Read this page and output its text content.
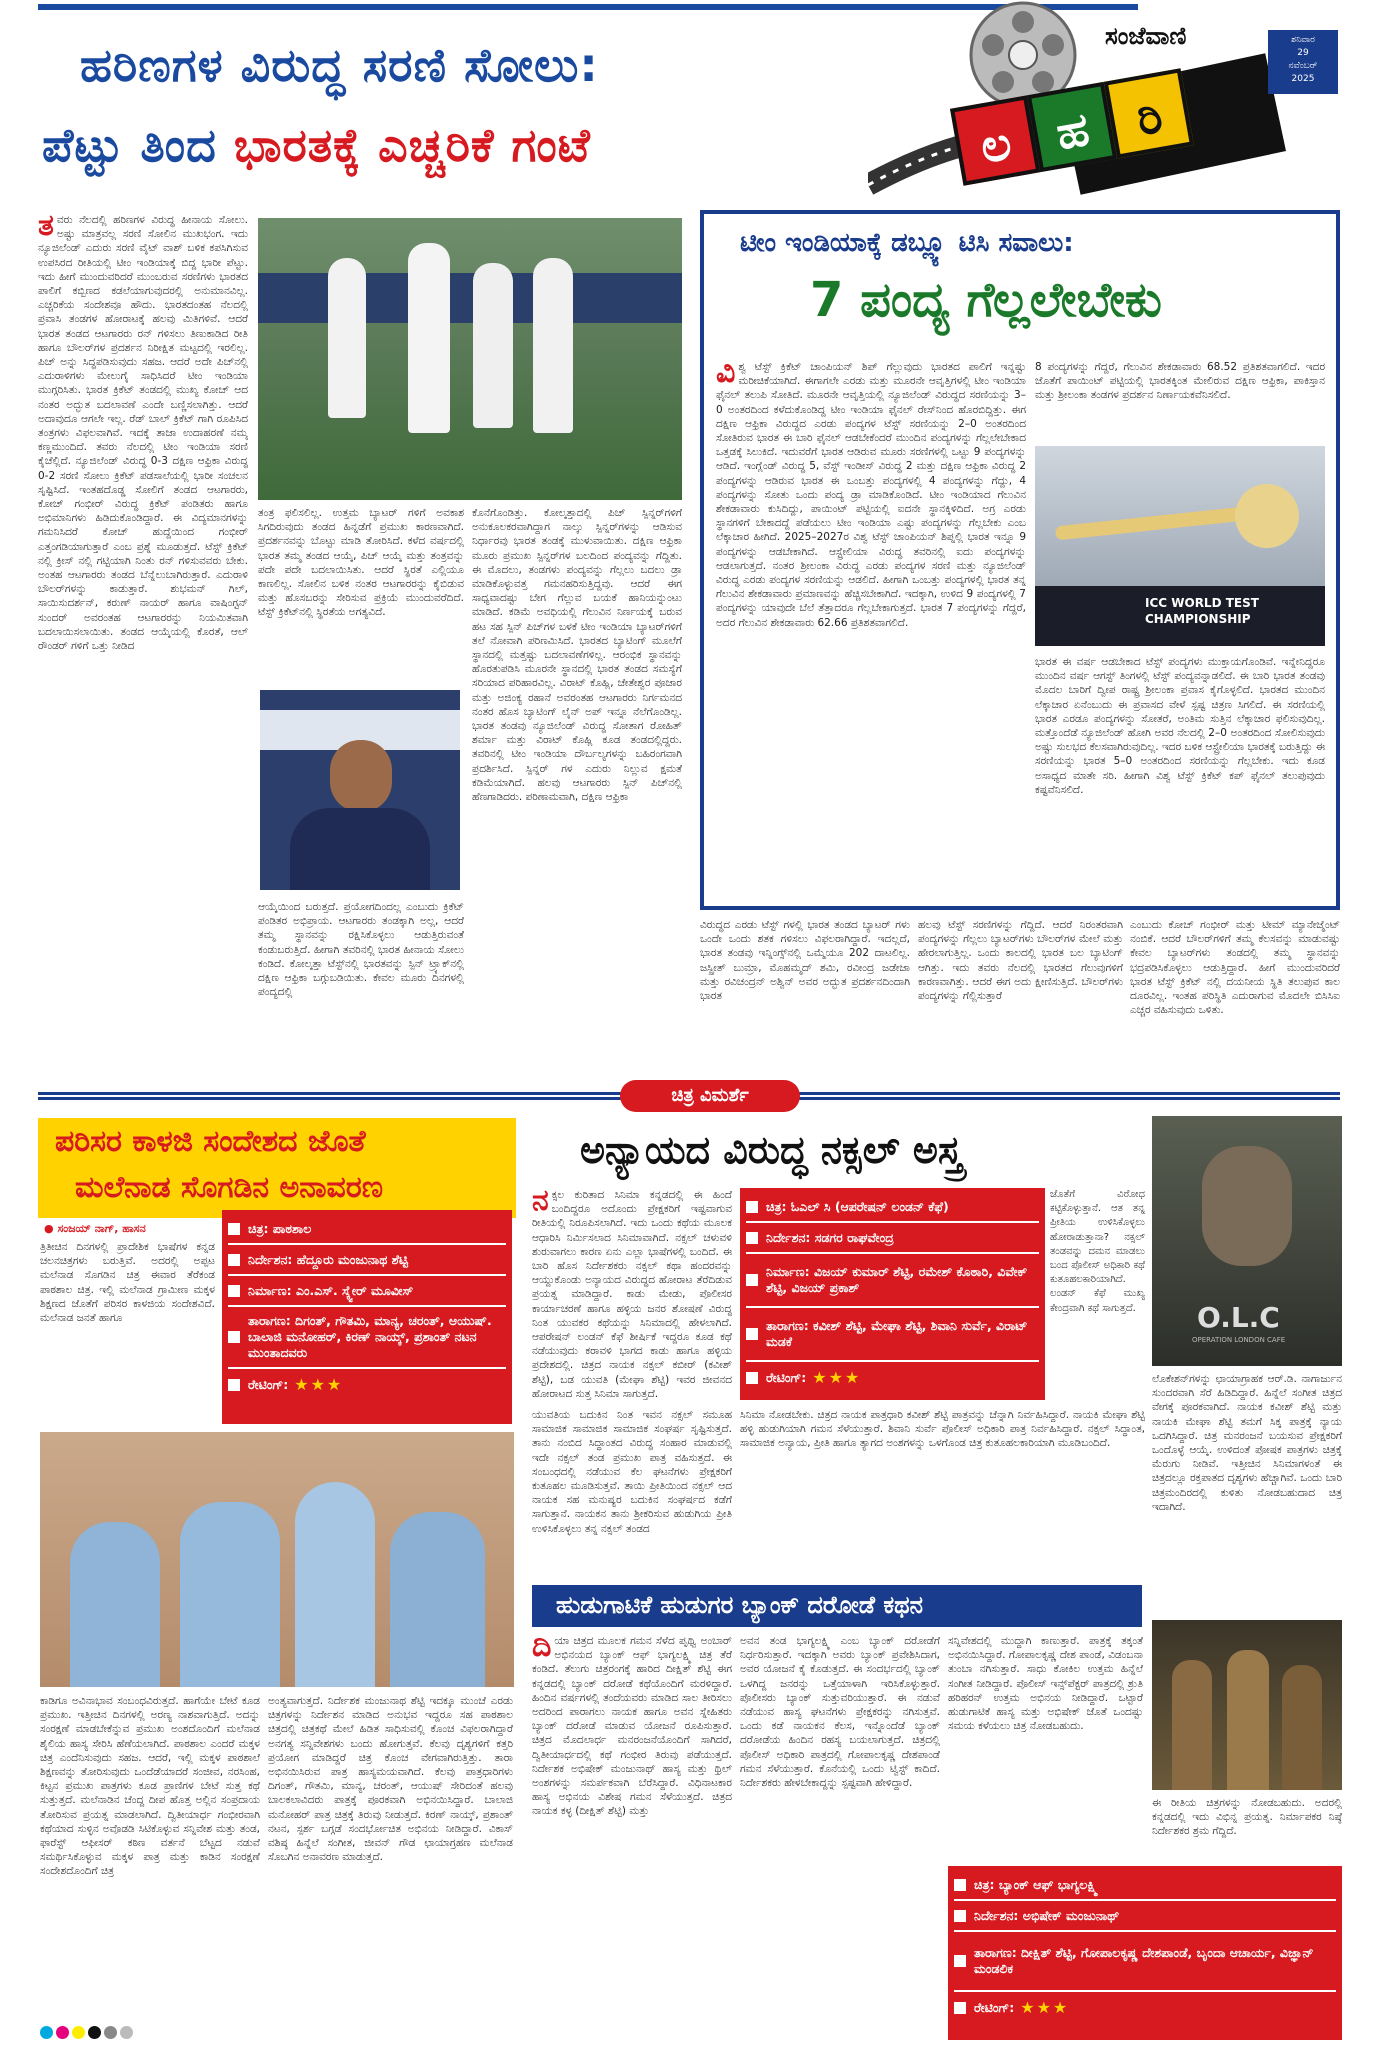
ಹರಿಣಗಳ ವಿರುದ್ಧ ಸರಣಿ ಸೋಲು:
ಪೆಟ್ಟು ತಿಂದ ಭಾರತಕ್ಕೆ ಎಚ್ಚರಿಕೆ ಗಂಟೆ
ಸಂಜೆವಾಣಿ	ಶನಿವಾರ
29
ನವೆಂಬರ್
2025
ಲ ಹ ರಿ
ತವರು ನೆಲದಲ್ಲಿ ಹರಿಣಗಳ ವಿರುದ್ಧ ಹೀನಾಯ ಸೋಲು. ಅಷ್ಟು ಮಾತ್ರವಲ್ಲ ಸರಣಿ ಸೋಲಿನ ಮುಖಭಂಗ. ಇದು ನ್ಯೂಜಿಲೆಂಡ್ ಎದುರು ಸರಣಿ ವೈಟ್ ವಾಶ್ ಬಳಿಕ ಕಪಸಿಗಿಸುವ ಉಪಸಿರದ ರೀತಿಯಲ್ಲಿ ಟೀಂ ಇಂಡಿಯಾಕ್ಕೆ ಬಿದ್ದ ಭಾರೀ ಪೆಟ್ಟು. ಇದು ಹೀಗೆ ಮುಂದುವರಿದರೆ ಮುಂಬರುವ ಸರಣಿಗಳು ಭಾರತದ ಪಾಲಿಗೆ ಕಬ್ಬಿಣದ ಕಡಲೆಯಾಗುವುದರಲ್ಲಿ ಅನುಮಾನವಿಲ್ಲ. ಎಚ್ಚರಿಕೆಯ ಸಂದೇಶವೂ ಹೌದು. ಭಾರತದಂತಹ ನೆಲದಲ್ಲಿ ಪ್ರವಾಸಿ ತಂಡಗಳ ಹೋರಾಟಕ್ಕೆ ಹಲವು ಮಿತಿಗಳಿವೆ. ಆದರೆ ಭಾರತ ತಂಡದ ಆಟಗಾರರು ರನ್ ಗಳಿಸಲು ತಿಣುಕಾಡಿದ ರೀತಿ ಹಾಗೂ ಬೌಲರ್‌ಗಳ ಪ್ರದರ್ಶನ ನಿರೀಕ್ಷಿತ ಮಟ್ಟದಲ್ಲಿ ಇರಲಿಲ್ಲ. ಪಿಚ್ ಅನ್ನು ಸಿದ್ಧಪಡಿಸುವುದು ಸಹಜ. ಆದರೆ ಅದೇ ಪಿಚ್‌ನಲ್ಲಿ ಎದುರಾಳಿಗಳು ಮೇಲುಗೈ ಸಾಧಿಸಿದರೆ ಟೀಂ ಇಂಡಿಯಾ ಮುಗ್ಗರಿಸಿತು. ಭಾರತ ಕ್ರಿಕೆಟ್ ತಂಡದಲ್ಲಿ ಮುಖ್ಯ ಕೋಚ್ ಆದ ನಂತರ ಅದ್ಭುತ ಬದಲಾವಣೆ ಎಂದೇ ಬಣ್ಣಿಸಲಾಗಿತ್ತು. ಆದರೆ ಅದಾವುದೂ ಆಗಲೇ ಇಲ್ಲ. ರೆಡ್ ಬಾಲ್ ಕ್ರಿಕೆಟ್ ಗಾಗಿ ರೂಪಿಸಿದ ತಂತ್ರಗಳು ವಿಫಲವಾಗಿವೆ. ಇದಕ್ಕೆ ತಾಜಾ ಉದಾಹರಣೆ ನಮ್ಮ ಕಣ್ಣಮುಂದಿದೆ. ತವರು ನೆಲದಲ್ಲಿ ಟೀಂ ಇಂಡಿಯಾ ಸರಣಿ ಕೈಚೆಲ್ಲಿದೆ. ನ್ಯೂಜಿಲೆಂಡ್ ವಿರುದ್ಧ 0-3 ದಕ್ಷಿಣ ಆಫ್ರಿಕಾ ವಿರುದ್ಧ 0-2 ಸರಣಿ ಸೋಲು ಕ್ರಿಕೆಟ್ ಪಡಸಾಲೆಯಲ್ಲಿ ಭಾರೀ ಸಂಚಲನ ಸೃಷ್ಟಿಸಿದೆ. ಇಂತಹದೊಡ್ಡ ಸೋಲಿಗೆ ತಂಡದ ಆಟಗಾರರು, ಕೋಚ್ ಗಂಭೀರ್ ವಿರುದ್ಧ ಕ್ರಿಕೆಟ್ ಪಂಡಿತರು ಹಾಗೂ ಅಭಿಮಾನಿಗಳು ಹಿಡಿದುಕೊಂಡಿದ್ದಾರೆ. ಈ ವಿದ್ಯಮಾನಗಳನ್ನು ಗಮನಿಸಿದರೆ ಕೋಚ್ ಹುದ್ದೆಯಿಂದ ಗಂಭೀರ್ ಎತ್ತಂಗಡಿಯಾಗುತ್ತಾರೆ ಎಂಬ ಪ್ರಶ್ನೆ ಮೂಡುತ್ತದೆ. ಟೆಸ್ಟ್ ಕ್ರಿಕೆಟ್ ನಲ್ಲಿ ಕ್ರೀಸ್ ನಲ್ಲಿ ಗಟ್ಟಿಯಾಗಿ ನಿಂತು ರನ್ ಗಳಿಸುವವರು ಬೇಕು. ಅಂತಹ ಆಟಗಾರರು ತಂಡದ ಬೆನ್ನೆಲುಬಾಗಿರುತ್ತಾರೆ. ಎದುರಾಳಿ ಬೌಲರ್‌ಗಳನ್ನು ಕಾಡುತ್ತಾರೆ. ಶುಭಮನ್ ಗಿಲ್, ಸಾಯಿಸುದರ್ಶನ್, ಕರುಣ್ ನಾಯರ್ ಹಾಗೂ ವಾಷಿಂಗ್ಟನ್ ಸುಂದರ್ ಅವರಂತಹ ಆಟಗಾರರನ್ನು ನಿಯಮಿತವಾಗಿ ಬದಲಾಯಿಸಲಾಯಿತು. ತಂಡದ ಆಯ್ಕೆಯಲ್ಲಿ ಕೊರತೆ, ಆಲ್ ರೌಂಡರ್ ಗಳಿಗೆ ಒತ್ತು ನೀಡಿದ
ತಂತ್ರ ಫಲಿಸಲಿಲ್ಲ. ಉತ್ತಮ ಬ್ಯಾಟರ್ ಗಳಿಗೆ ಅವಕಾಶ ಸಿಗದಿರುವುದು ತಂಡದ ಹಿನ್ನಡೆಗೆ ಪ್ರಮುಖ ಕಾರಣವಾಗಿದೆ. ಪ್ರದರ್ಶನವನ್ನು ಬೊಟ್ಟು ಮಾಡಿ ತೋರಿಸಿದೆ. ಕಳೆದ ವರ್ಷದಲ್ಲಿ ಭಾರತ ತಮ್ಮ ತಂಡದ ಆಯ್ಕೆ, ಪಿಚ್ ಆಯ್ಕೆ ಮತ್ತು ತಂತ್ರವನ್ನು ಪದೇ ಪದೇ ಬದಲಾಯಿಸಿತು. ಆದರೆ ಸ್ಥಿರತೆ ಎಲ್ಲಿಯೂ ಕಾಣಲಿಲ್ಲ. ಸೋಲಿನ ಬಳಿಕ ನಂತರ ಆಟಗಾರರನ್ನು ಕೈಬಿಡುವ ಮತ್ತು ಹೊಸಬರನ್ನು ಸೇರಿಸುವ ಪ್ರಕ್ರಿಯೆ ಮುಂದುವರೆದಿದೆ. ಟೆಸ್ಟ್ ಕ್ರಿಕೆಟ್‌ನಲ್ಲಿ ಸ್ಥಿರತೆಯ ಅಗತ್ಯವಿದೆ.
ಆಯ್ಕೆಯಿಂದ ಬರುತ್ತದೆ. ಪ್ರಯೋಗದಿಂದಲ್ಲ ಎಂಬುದು ಕ್ರಿಕೆಟ್ ಪಂಡಿತರ ಅಭಿಪ್ರಾಯ. ಆಟಗಾರರು ತಂಡಕ್ಕಾಗಿ ಅಲ್ಲ, ಆದರೆ ತಮ್ಮ ಸ್ಥಾನವನ್ನು ರಕ್ಷಿಸಿಕೊಳ್ಳಲು ಆಡುತ್ತಿರುವಂತೆ ಕಂಡುಬರುತ್ತಿದೆ. ಹೀಗಾಗಿ ತವರಿನಲ್ಲಿ ಭಾರತ ಹೀನಾಯ ಸೋಲು ಕಂಡಿದೆ. ಕೋಲ್ಕತ್ತಾ ಟೆಸ್ಟ್‌ನಲ್ಲಿ ಭಾರತವನ್ನು ಸ್ಪಿನ್ ಟ್ರ್ಯಾಕ್‌ನಲ್ಲಿ ದಕ್ಷಿಣ ಆಫ್ರಿಕಾ ಬಗ್ಗುಬಡಿಯಿತು. ಕೇವಲ ಮೂರು ದಿನಗಳಲ್ಲಿ ಪಂದ್ಯದಲ್ಲಿ
ಕೊನೆಗೊಂಡಿತ್ತು. ಕೋಲ್ಕತ್ತಾದಲ್ಲಿ ಪಿಚ್ ಸ್ಪಿನ್ನರ್‌ಗಳಿಗೆ ಅನುಕೂಲಕರವಾಗಿದ್ದಾಗ ನಾಲ್ಕು ಸ್ಪಿನ್ನರ್‌ಗಳನ್ನು ಆಡಿಸುವ ನಿರ್ಧಾರವು ಭಾರತ ತಂಡಕ್ಕೆ ಮುಳುವಾಯಿತು. ದಕ್ಷಿಣ ಆಫ್ರಿಕಾ ಮೂರು ಪ್ರಮುಖ ಸ್ಪಿನ್ನರ್‌ಗಳ ಬಲದಿಂದ ಪಂದ್ಯವನ್ನು ಗೆದ್ದಿತು. ಈ ಮೊದಲು, ತಂಡಗಳು ಪಂದ್ಯವನ್ನು ಗೆಲ್ಲಲು ಬದಲು ಡ್ರಾ ಮಾಡಿಕೊಳ್ಳುವತ್ತ ಗಮನಹರಿಸುತ್ತಿದ್ದವು. ಆದರೆ ಈಗ ಸಾಧ್ಯವಾದಷ್ಟು ಬೇಗ ಗೆಲ್ಲುವ ಬಯಕೆ ಹಾನಿಯನ್ನುಂಟು ಮಾಡಿದೆ. ಕಡಿಮೆ ಅವಧಿಯಲ್ಲಿ ಗೆಲುವಿನ ನಿರ್ಣಯಕ್ಕೆ ಬರುವ ಹಟ ಸಹ ಸ್ಪಿನ್ ಪಿಚ್‌ಗಳ ಬಳಕೆ ಟೀಂ ಇಂಡಿಯಾ ಬ್ಯಾಟರ್‌ಗಳಿಗೆ ತಲೆ ನೋವಾಗಿ ಪರಿಣಮಿಸಿದೆ. ಭಾರತದ ಬ್ಯಾಟಿಂಗ್ ಮೂಲೆಗೆ ಸ್ಥಾನದಲ್ಲಿ ಮತ್ತಷ್ಟು ಬದಲಾವಣೆಗಳಿಲ್ಲ. ಆರಂಭಿಕ ಸ್ಥಾನವನ್ನು ಹೊರತುಪಡಿಸಿ ಮೂರನೇ ಸ್ಥಾನದಲ್ಲಿ ಭಾರತ ತಂಡದ ಸಮಸ್ಯೆಗೆ ಸರಿಯಾದ ಪರಿಹಾರವಿಲ್ಲ. ವಿರಾಟ್ ಕೊಹ್ಲಿ, ಚೇತೇಶ್ವರ ಪೂಜಾರ ಮತ್ತು ಅಜಿಂಕ್ಯ ರಹಾನೆ ಅವರಂತಹ ಆಟಗಾರರು ನಿರ್ಗಮನದ ನಂತರ ಹೊಸ ಬ್ಯಾಟಿಂಗ್ ಲೈನ್ ಅಪ್ ಇನ್ನೂ ನೆಲೆಗೊಂಡಿಲ್ಲ. ಭಾರತ ತಂಡವು ನ್ಯೂಜಿಲೆಂಡ್ ವಿರುದ್ಧ ಸೋತಾಗ ರೋಹಿತ್ ಶರ್ಮಾ ಮತ್ತು ವಿರಾಟ್ ಕೊಹ್ಲಿ ಕೂಡ ತಂಡದಲ್ಲಿದ್ದರು. ತವರಿನಲ್ಲಿ ಟೀಂ ಇಂಡಿಯಾ ದೌರ್ಬಲ್ಯಗಳನ್ನು ಬಹಿರಂಗವಾಗಿ ಪ್ರದರ್ಶಿಸಿದೆ. ಸ್ಪಿನ್ನರ್ ಗಳ ಎದುರು ನಿಲ್ಲುವ ಕ್ಷಮತೆ ಕಡಿಮೆಯಾಗಿದೆ. ಹಲವು ಆಟಗಾರರು ಸ್ಪಿನ್ ಪಿಚ್‌ನಲ್ಲಿ ಹೆಣಗಾಡಿದರು. ಪರಿಣಾಮವಾಗಿ, ದಕ್ಷಿಣ ಆಫ್ರಿಕಾ
ಟೀಂ ಇಂಡಿಯಾಕ್ಕೆ ಡಬ್ಲ್ಯೂ ಟಿಸಿ ಸವಾಲು:
7 ಪಂದ್ಯ ಗೆಲ್ಲಲೇಬೇಕು
ವಿಶ್ವ ಟೆಸ್ಟ್ ಕ್ರಿಕೆಟ್ ಚಾಂಪಿಯನ್ ಶಿಪ್ ಗೆಲ್ಲುವುದು ಭಾರತದ ಪಾಲಿಗೆ ಇನ್ನಷ್ಟು ಮರೀಚಿಕೆಯಾಗಿದೆ. ಈಗಾಗಲೇ ಎರಡು ಮತ್ತು ಮೂರನೇ ಆವೃತ್ತಿಗಳಲ್ಲಿ ಟೀಂ ಇಂಡಿಯಾ ಫೈನಲ್ ತಲುಪಿ ಸೋತಿದೆ. ಮೂರನೇ ಆವೃತ್ತಿಯಲ್ಲಿ ನ್ಯೂಜಿಲೆಂಡ್ ವಿರುದ್ಧದ ಸರಣಿಯನ್ನು 3–0 ಅಂತರದಿಂದ ಕಳೆದುಕೊಂಡಿದ್ದ ಟೀಂ ಇಂಡಿಯಾ ಫೈನಲ್ ರೇಸ್‌ನಿಂದ ಹೊರಬಿದ್ದಿತ್ತು. ಈಗ ದಕ್ಷಿಣ ಆಫ್ರಿಕಾ ವಿರುದ್ಧದ ಎರಡು ಪಂದ್ಯಗಳ ಟೆಸ್ಟ್ ಸರಣಿಯನ್ನು 2–0 ಅಂತರದಿಂದ ಸೋತಿರುವ ಭಾರತ ಈ ಬಾರಿ ಫೈನಲ್ ಆಡಬೇಕೆಂದರೆ ಮುಂದಿನ ಪಂದ್ಯಗಳನ್ನು ಗೆಲ್ಲಲೇಬೇಕಾದ ಒತ್ತಡಕ್ಕೆ ಸಿಲುಕಿದೆ. ಇದುವರೆಗೆ ಭಾರತ ಆಡಿರುವ ಮೂರು ಸರಣಿಗಳಲ್ಲಿ ಒಟ್ಟು 9 ಪಂದ್ಯಗಳನ್ನು ಆಡಿದೆ. ಇಂಗ್ಲೆಂಡ್ ವಿರುದ್ಧ 5, ವೆಸ್ಟ್ ಇಂಡೀಸ್ ವಿರುದ್ಧ 2 ಮತ್ತು ದಕ್ಷಿಣ ಆಫ್ರಿಕಾ ವಿರುದ್ಧ 2 ಪಂದ್ಯಗಳನ್ನು ಆಡಿರುವ ಭಾರತ ಈ ಒಂಬತ್ತು ಪಂದ್ಯಗಳಲ್ಲಿ 4 ಪಂದ್ಯಗಳನ್ನು ಗೆದ್ದು, 4 ಪಂದ್ಯಗಳನ್ನು ಸೋತು ಒಂದು ಪಂದ್ಯ ಡ್ರಾ ಮಾಡಿಕೊಂಡಿದೆ. ಟೀಂ ಇಂಡಿಯಾದ ಗೆಲುವಿನ ಶೇಕಡಾವಾರು ಕುಸಿದಿದ್ದು, ಪಾಯಿಂಟ್ ಪಟ್ಟಿಯಲ್ಲಿ ಐದನೇ ಸ್ಥಾನಕ್ಕಿಳಿದಿದೆ. ಅಗ್ರ ಎರಡು ಸ್ಥಾನಗಳಿಗೆ ಬೇಕಾದದ್ದೆ ಪಡೆಯಲು ಟೀಂ ಇಂಡಿಯಾ ಎಷ್ಟು ಪಂದ್ಯಗಳನ್ನು ಗೆಲ್ಲಬೇಕು ಎಂಬ ಲೆಕ್ಕಾಚಾರ ಹೀಗಿದೆ. 2025–2027ರ ವಿಶ್ವ ಟೆಸ್ಟ್ ಚಾಂಪಿಯನ್ ಶಿಪ್ನಲ್ಲಿ ಭಾರತ ಇನ್ನೂ 9 ಪಂದ್ಯಗಳನ್ನು ಆಡಬೇಕಾಗಿದೆ. ಆಸ್ಟ್ರೇಲಿಯಾ ವಿರುದ್ಧ ತವರಿನಲ್ಲಿ ಐದು ಪಂದ್ಯಗಳನ್ನು ಆಡಲಾಗುತ್ತದೆ. ನಂತರ ಶ್ರೀಲಂಕಾ ವಿರುದ್ಧ ಎರಡು ಪಂದ್ಯಗಳ ಸರಣಿ ಮತ್ತು ನ್ಯೂಜಿಲೆಂಡ್ ವಿರುದ್ಧ ಎರಡು ಪಂದ್ಯಗಳ ಸರಣಿಯನ್ನು ಆಡಲಿದೆ. ಹೀಗಾಗಿ ಒಂಬತ್ತು ಪಂದ್ಯಗಳಲ್ಲಿ ಭಾರತ ತನ್ನ ಗೆಲುವಿನ ಶೇಕಡಾವಾರು ಪ್ರಮಾಣವನ್ನು ಹೆಚ್ಚಿಸಬೇಕಾಗಿದೆ. ಇದಕ್ಕಾಗಿ, ಉಳಿದ 9 ಪಂದ್ಯಗಳಲ್ಲಿ 7 ಪಂದ್ಯಗಳನ್ನು ಯಾವುದೇ ಬೆಲೆ ತೆತ್ತಾದರೂ ಗೆಲ್ಲಬೇಕಾಗುತ್ತದೆ. ಭಾರತ 7 ಪಂದ್ಯಗಳನ್ನು ಗೆದ್ದರೆ, ಅದರ ಗೆಲುವಿನ ಶೇಕಡಾವಾರು 62.66 ಪ್ರತಿಶತವಾಗಲಿದೆ.
8 ಪಂದ್ಯಗಳನ್ನು ಗೆದ್ದರೆ, ಗೆಲುವಿನ ಶೇಕಡಾವಾರು 68.52 ಪ್ರತಿಶತವಾಗಲಿದೆ. ಇದರ ಜೊತೆಗೆ ಪಾಯಿಂಟ್ ಪಟ್ಟಿಯಲ್ಲಿ ಭಾರತಕ್ಕಿಂತ ಮೇಲಿರುವ ದಕ್ಷಿಣ ಆಫ್ರಿಕಾ, ಪಾಕಿಸ್ತಾನ ಮತ್ತು ಶ್ರೀಲಂಕಾ ತಂಡಗಳ ಪ್ರದರ್ಶನ ನಿರ್ಣಾಯಕವೆನಿಸಲಿದೆ.
ICC WORLD TEST
CHAMPIONSHIP
ಭಾರತ ಈ ವರ್ಷ ಆಡಬೇಕಾದ ಟೆಸ್ಟ್ ಪಂದ್ಯಗಳು ಮುಕ್ತಾಯಗೊಂಡಿವೆ. ಇನ್ನೇನಿದ್ದರೂ ಮುಂದಿನ ವರ್ಷ ಆಗಸ್ಟ್ ತಿಂಗಳಲ್ಲಿ ಟೆಸ್ಟ್ ಪಂದ್ಯವನ್ನಾಡಲಿದೆ. ಈ ಬಾರಿ ಭಾರತ ತಂಡವು ಮೊದಲ ಬಾರಿಗೆ ದ್ವೀಪ ರಾಷ್ಟ್ರ ಶ್ರೀಲಂಕಾ ಪ್ರವಾಸ ಕೈಗೊಳ್ಳಲಿದೆ. ಭಾರತದ ಮುಂದಿನ ಲೆಕ್ಕಾಚಾರ ಏನೆಂಬುದು ಈ ಪ್ರವಾಸದ ವೇಳೆ ಸ್ಪಷ್ಟ ಚಿತ್ರಣ ಸಿಗಲಿದೆ. ಈ ಸರಣಿಯಲ್ಲಿ ಭಾರತ ಎರಡೂ ಪಂದ್ಯಗಳನ್ನು ಸೋತರೆ, ಅಂತಿಮ ಸುತ್ತಿನ ಲೆಕ್ಕಾಚಾರ ಫಲಿಸುವುದಿಲ್ಲ. ಮತ್ತೊಂದೆಡೆ ನ್ಯೂಜಿಲೆಂಡ್ ಹೋಗಿ ಅವರ ನೆಲದಲ್ಲಿ 2–0 ಅಂತರದಿಂದ ಸೋಲಿಸುವುದು ಅಷ್ಟು ಸುಲಭದ ಕೆಲಸವಾಗಿರುವುದಿಲ್ಲ. ಇದರ ಬಳಿಕ ಆಸ್ಟ್ರೇಲಿಯಾ ಭಾರತಕ್ಕೆ ಬರುತ್ತಿದ್ದು ಈ ಸರಣಿಯನ್ನು ಭಾರತ 5–0 ಅಂತರದಿಂದ ಸರಣಿಯನ್ನು ಗೆಲ್ಲಬೇಕು. ಇದು ಕೂಡ ಅಸಾಧ್ಯದ ಮಾತೇ ಸರಿ. ಹೀಗಾಗಿ ವಿಶ್ವ ಟೆಸ್ಟ್ ಕ್ರಿಕೆಟ್ ಕಪ್ ಫೈನಲ್ ತಲುಪುವುದು ಕಷ್ಟವೆನಿಸಲಿದೆ.
ವಿರುದ್ಧದ ಎರಡು ಟೆಸ್ಟ್ ಗಳಲ್ಲಿ ಭಾರತ ತಂಡದ ಬ್ಯಾಟರ್ ಗಳು ಒಂದೇ ಒಂದು ಶತಕ ಗಳಿಸಲು ವಿಫಲರಾಗಿದ್ದಾರೆ. ಇದಲ್ಲದೆ, ಭಾರತ ತಂಡವು ಇನ್ನಿಂಗ್ಸ್‌ನಲ್ಲಿ ಒಮ್ಮೆಯೂ 202 ದಾಟಲಿಲ್ಲ. ಜಸ್ಪ್ರೀತ್ ಬುಮ್ರಾ, ಮೊಹಮ್ಮದ್ ಶಮಿ, ರವೀಂದ್ರ ಜಡೇಜಾ ಮತ್ತು ರವಿಚಂದ್ರನ್ ಅಶ್ವಿನ್ ಅವರ ಅದ್ಭುತ ಪ್ರದರ್ಶನದಿಂದಾಗಿ ಭಾರತ
ಹಲವು ಟೆಸ್ಟ್ ಸರಣಿಗಳನ್ನು ಗೆದ್ದಿದೆ. ಆದರೆ ನಿರಂತರವಾಗಿ ಪಂದ್ಯಗಳನ್ನು ಗೆಲ್ಲಲು ಬ್ಯಾಟರ್‌ಗಳು ಬೌಲರ್‌ಗಳ ಮೇಲೆ ಮತ್ತು ಹೇರಲಾಗುತ್ತಿಲ್ಲ. ಒಂದು ಕಾಲದಲ್ಲಿ ಭಾರತ ಬಲ ಬ್ಯಾಟಿಂಗ್ ಆಗಿತ್ತು. ಇದು ತವರು ನೆಲದಲ್ಲಿ ಭಾರತದ ಗೆಲುವುಗಳಿಗೆ ಕಾರಣವಾಗಿತ್ತು. ಆದರೆ ಈಗ ಅದು ಕ್ಷೀಣಿಸುತ್ತಿದೆ. ಬೌಲರ್‌ಗಳು ಪಂದ್ಯಗಳನ್ನು ಗೆಲ್ಲಿಸುತ್ತಾರೆ
ಎಂಬುದು ಕೋಚ್ ಗಂಭೀರ್ ಮತ್ತು ಟೀಮ್ ಮ್ಯಾನೇಜ್ಮೆಂಟ್ ನಂಬಿಕೆ. ಆದರೆ ಬೌಲರ್‌ಗಳಿಗೆ ತಮ್ಮ ಕೆಲಸವನ್ನು ಮಾಡುವಷ್ಟು ಕೇವಲ ಬ್ಯಾಟರ್‌ಗಳು ತಂಡದಲ್ಲಿ ತಮ್ಮ ಸ್ಥಾನವನ್ನು ಭದ್ರಪಡಿಸಿಕೊಳ್ಳಲು ಆಡುತ್ತಿದ್ದಾರೆ. ಹೀಗೆ ಮುಂದುವರಿದರೆ ಭಾರತ ಟೆಸ್ಟ್ ಕ್ರಿಕೆಟ್ ನಲ್ಲಿ ದಯನೀಯ ಸ್ಥಿತಿ ತಲುಪುವ ಕಾಲ ದೂರವಿಲ್ಲ. ಇಂತಹ ಪರಿಸ್ಥಿತಿ ಎದುರಾಗುವ ಮೊದಲೇ ಬಿಸಿಸಿಐ ಎಚ್ಚರ ವಹಿಸುವುದು ಒಳಿತು.
ಚಿತ್ರ ವಿಮರ್ಶೆ
ಪರಿಸರ ಕಾಳಜಿ ಸಂದೇಶದ ಜೊತೆ
ಮಲೆನಾಡ ಸೊಗಡಿನ ಅನಾವರಣ
● ಸಂಜಯ್ ನಾಗ್, ಹಾಸನ
ತ್ರಿತೀಚಿನ ದಿನಗಳಲ್ಲಿ ಪ್ರಾದೇಶಿಕ ಭಾಷೆಗಳ ಕನ್ನಡ ಚಲನಚಿತ್ರಗಳು ಬರುತ್ತಿವೆ. ಅದರಲ್ಲಿ ಅಪ್ಪಟ ಮಲೆನಾಡ ಸೊಗಡಿನ ಚಿತ್ರ ಈವಾರ ತೆರೆಕಂಡ ಪಾಠಶಾಲ ಚಿತ್ರ. ಇಲ್ಲಿ ಮಲೆನಾಡ ಗ್ರಾಮೀಣ ಮಕ್ಕಳ ಶಿಕ್ಷಣದ ಜೊತೆಗೆ ಪರಿಸರ ಕಾಳಜಿಯ ಸಂದೇಶವಿದೆ. ಮಲೆನಾಡ ಜನತೆ ಹಾಗೂ
ಚಿತ್ರ: ಪಾಠಶಾಲ
ನಿರ್ದೇಶನ: ಹೆದ್ದೂರು ಮಂಜುನಾಥ ಶೆಟ್ಟಿ
ನಿರ್ಮಾಣ: ಎಂ.ಎಸ್. ಸ್ಕ್ವೇರ್ ಮೂವೀಸ್
ತಾರಾಗಣ: ದಿಗಂತ್, ಗೌತಮಿ, ಮಾನ್ಯ, ಚರಂತ್, ಆಯುಷ್. ಬಾಲಾಜಿ ಮನೋಹರ್, ಕಿರಣ್ ನಾಯ್ಕ್, ಪ್ರಶಾಂತ್ ನಟನ ಮುಂತಾದವರು
ರೇಟಿಂಗ್: ★★★
ಕಾಡಿಗೂ ಅವಿನಾಭಾವ ಸಂಬಂಧವಿರುತ್ತದೆ. ಹಾಗೆಯೇ ಬೇಟೆ ಕೂಡ ಪ್ರಮುಖ. ಇತ್ತೀಚಿನ ದಿನಗಳಲ್ಲಿ ಅರಣ್ಯ ನಾಶವಾಗುತ್ತಿದೆ. ಅದನ್ನು ಸಂರಕ್ಷಣೆ ಮಾಡಬೇಕೆನ್ನುವ ಪ್ರಮುಖ ಅಂಶದೊಂದಿಗೆ ಮಲೆನಾಡ ಶೈಲಿಯ ಹಾಸ್ಯ ಸೇರಿಸಿ ಹೆಣೆಯಲಾಗಿದೆ. ಪಾಠಶಾಲ ಎಂದರೆ ಮಕ್ಕಳ ಚಿತ್ರ ಎಂದೆನಿಸುವುದು ಸಹಜ. ಆದರೆ, ಇಲ್ಲಿ ಮಕ್ಕಳ ಪಾಠಶಾಲೆ ಶಿಕ್ಷಣವನ್ನು ತೋರಿಸುವುದು ಒಂದೆಡೆಯಾದರೆ ಸಂಜೀವ, ನರಸಿಂಹ, ಕಿಟ್ಟನ ಪ್ರಮುಖ ಪಾತ್ರಗಳು ಕೂಡ ಪ್ರಾಣಿಗಳ ಬೇಟೆ ಸುತ್ತ ಕಥೆ ಸುತ್ತುತ್ತದೆ. ಮಲೆನಾಡಿನ ಚೆಂದ್ದ ದೀಪ ಹೊತ್ತ ಅಲ್ಲಿನ ಸಂಪ್ರದಾಯ ತೋರಿಸುವ ಪ್ರಯತ್ನ ಮಾಡಲಾಗಿದೆ. ದ್ವಿತೀಯಾರ್ಧ ಗಂಭೀರವಾಗಿ ಕಥೆಯಾದ ಸುಳ್ಳಿನ ಅವೊಡಡಿ ಸಿಟಿಕೊಳ್ಳುವ ಸನ್ನಿವೇಶ ಮತ್ತು ತಂಡ, ಫಾರೆಸ್ಟ್ ಆಫೀಸರ್ ಕಠಿಣ ವರ್ತನೆ ಬೆಟ್ಟದ ನಡುವೆ ಸಮರ್ಥಿಸಿಕೊಳ್ಳುವ ಮಕ್ಕಳ ಪಾತ್ರ ಮತ್ತು ಕಾಡಿನ ಸಂರಕ್ಷಣೆ ಸಂದೇಶದೊಂದಿಗೆ ಚಿತ್ರ
ಅಂತ್ಯವಾಗುತ್ತದೆ. ನಿರ್ದೇಶಕ ಮಂಜುನಾಥ ಶೆಟ್ಟಿ ಇದಕ್ಕೂ ಮುಂಚೆ ಎರಡು ಚಿತ್ರಗಳನ್ನು ನಿರ್ದೇಶನ ಮಾಡಿದ ಅನುಭವ ಇದ್ದರೂ ಸಹ ಪಾಠಶಾಲ ಚಿತ್ರದಲ್ಲಿ ಚಿತ್ರಕಥೆ ಮೇಲೆ ಹಿಡಿತ ಸಾಧಿಸುವಲ್ಲಿ ಕೊಂಚ ವಿಫಲರಾಗಿದ್ದಾರೆ ಅನಗತ್ಯ ಸನ್ನಿವೇಶಗಳು ಬಂದು ಹೋಗುತ್ತವೆ. ಕೆಲವು ದೃಶ್ಯಗಳಿಗೆ ಕತ್ತರಿ ಪ್ರಯೋಗ ಮಾಡಿದ್ದರೆ ಚಿತ್ರ ಕೊಂಚ ವೇಗವಾಗಿರುತ್ತಿತ್ತು. ತಾರಾ ಅಭಿನಯಿಸಿರುವ ಪಾತ್ರ ಹಾಸ್ಯಮಯವಾಗಿದೆ. ಕೆಲವು ಪಾತ್ರಧಾರಿಗಳು ದಿಗಂತ್, ಗೌತಮಿ, ಮಾನ್ಯ, ಚರಂತ್, ಆಯುಷ್ ಸೇರಿದಂತೆ ಹಲವು ಬಾಲಕಲಾವಿದರು ಪಾತ್ರಕ್ಕೆ ಪೂರಕವಾಗಿ ಅಭಿನಯಿಸಿದ್ದಾರೆ. ಬಾಲಾಜಿ ಮನೋಹರ್ ಪಾತ್ರ ಚಿತ್ರಕ್ಕೆ ತಿರುವು ನೀಡುತ್ತದೆ. ಕಿರಣ್ ನಾಯ್ಕ್, ಪ್ರಶಾಂತ್ ನಟನ, ಸ್ಪರ್ಶ ಬಗ್ಗಡೆ ಸಂದರ್ಭೋಚಿತ ಅಭಿನಯ ನೀಡಿದ್ದಾರೆ. ವಿಕಾಸ್ ವಶಿಷ್ಠ ಹಿನ್ನೆಲೆ ಸಂಗೀತ, ಜೀವನ್ ಗೌಡ ಛಾಯಾಗ್ರಹಣ ಮಲೆನಾಡ ಸೊಬಗಿನ ಅನಾವರಣ ಮಾಡುತ್ತದೆ.
ಅನ್ಯಾಯದ ವಿರುದ್ಧ ನಕ್ಸಲ್ ಅಸ್ತ್ರ
ನಕ್ಸಲ ಕುರಿತಾದ ಸಿನಿಮಾ ಕನ್ನಡದಲ್ಲಿ ಈ ಹಿಂದೆ ಬಂದಿದ್ದರೂ ಅದೊಂದು ಪ್ರೇಕ್ಷಕರಿಗೆ ಇಷ್ಟವಾಗುವ ರೀತಿಯಲ್ಲಿ ನಿರೂಪಿಸಲಾಗಿದೆ. ಇದು ಒಂದು ಕಥೆಯ ಮೂಲಕ ಆಧಾರಿಸಿ ನಿರ್ಮಿಸಲಾದ ಸಿನಿಮಾವಾಗಿದೆ. ನಕ್ಸಲ್ ಚಳುವಳಿ ಶುರುವಾಗಲು ಕಾರಣ ಏನು ಎಲ್ಲಾ ಭಾಷೆಗಳಲ್ಲಿ ಬಂದಿದೆ. ಈ ಬಾರಿ ಹೊಸ ನಿರ್ದೇಶಕರು ನಕ್ಸಲ್ ಕಥಾ ಹಂದರವನ್ನು ಆಯ್ದುಕೊಂಡು ಅನ್ಯಾಯದ ವಿರುದ್ಧದ ಹೋರಾಟ ತೆರೆದಿಡುವ ಪ್ರಯತ್ನ ಮಾಡಿದ್ದಾರೆ. ಕಾಡು ಮೇಡು, ಪೊಲೀಸರ ಕಾರ್ಯಾಚರಣೆ ಹಾಗೂ ಹಳ್ಳಿಯ ಜನರ ಶೋಷಣೆ ವಿರುದ್ಧ ನಿಂತ ಯುವಕರ ಕಥೆಯನ್ನು ಸಿನಿಮಾದಲ್ಲಿ ಹೇಳಲಾಗಿದೆ. ಆಪರೇಷನ್ ಲಂಡನ್ ಕೆಫೆ ಶೀರ್ಷಿಕೆ ಇದ್ದರೂ ಕೂಡ ಕಥೆ ನಡೆಯುವುದು ಕರಾವಳಿ ಭಾಗದ ಕಾಡು ಹಾಗೂ ಹಳ್ಳಿಯ ಪ್ರದೇಶದಲ್ಲಿ. ಚಿತ್ರದ ನಾಯಕ ನಕ್ಸಲ್ ಕಬೀರ್ (ಕವೀಶ್ ಶೆಟ್ಟಿ), ಬಡ ಯುವತಿ (ಮೇಘಾ ಶೆಟ್ಟಿ) ಇವರ ಜೀವನದ ಹೋರಾಟದ ಸುತ್ತ ಸಿನಿಮಾ ಸಾಗುತ್ತದೆ.
ಚಿತ್ರ: ಓಎಲ್ ಸಿ (ಆಪರೇಷನ್ ಲಂಡನ್ ಕೆಫೆ)
ನಿರ್ದೇಶನ: ಸಡಗರ ರಾಘವೇಂದ್ರ
ನಿರ್ಮಾಣ: ವಿಜಯ್ ಕುಮಾರ್ ಶೆಟ್ಟಿ, ರಮೇಶ್ ಕೊಠಾರಿ, ವಿವೇಕ್ ಶೆಟ್ಟಿ, ವಿಜಯ್ ಪ್ರಕಾಶ್
ತಾರಾಗಣ: ಕವೀಶ್ ಶೆಟ್ಟಿ, ಮೇಘಾ ಶೆಟ್ಟಿ, ಶಿವಾನಿ ಸುರ್ವೆ, ವಿರಾಟ್ ಮಡಕೆ
ರೇಟಿಂಗ್: ★★★
ಜೊತೆಗೆ ವಿರೋಧ ಕಟ್ಟಿಕೊಳ್ಳುತ್ತಾನೆ. ಆತ ತನ್ನ ಪ್ರೀತಿಯ ಉಳಿಸಿಕೊಳ್ಳಲು ಹೋರಾಡುತ್ತಾನಾ? ನಕ್ಸಲ್ ತಂಡವನ್ನು ದಮನ ಮಾಡಲು ಬಂದ ಪೊಲೀಸ್ ಅಧಿಕಾರಿ ಕಥೆ ಕುತೂಹಲಕಾರಿಯಾಗಿದೆ. ಲಂಡನ್ ಕೆಫೆ ಮುಖ್ಯ ಕೇಂದ್ರವಾಗಿ ಕಥೆ ಸಾಗುತ್ತದೆ.	O.L.C
OPERATION LONDON CAFE
ಯುವತಿಯ ಬದುಕಿನ ನಿಂತ ಇವನ ನಕ್ಸಲ್ ಸಮೂಹ ಸಾಮಾಜಿಕ ಸಾಮಾಜಿಕ ಸಾಮಾಜಿಕ ಸಂಘರ್ಷ ಸೃಷ್ಟಿಸುತ್ತದೆ. ತಾನು ನಂಬಿದ ಸಿದ್ಧಾಂತದ ವಿರುದ್ಧ ಸಂಹಾರ ಮಾಡುವಲ್ಲಿ ಇದೇ ನಕ್ಸಲ್ ತಂಡ ಪ್ರಮುಖ ಪಾತ್ರ ವಹಿಸುತ್ತದೆ. ಈ ಸಂಬಂಧದಲ್ಲಿ ನಡೆಯುವ ಕೆಲ ಘಟನೆಗಳು ಪ್ರೇಕ್ಷಕರಿಗೆ ಕುತೂಹಲ ಮೂಡಿಸುತ್ತವೆ. ತಾಯಿ ಪ್ರೀತಿಯಿಂದ ನಕ್ಸಲ್ ಆದ ನಾಯಕ ಸಹ ಮನುಷ್ಯರ ಬದುಕಿನ ಸಂಘರ್ಷದ ಕಡೆಗೆ ಸಾಗುತ್ತಾನೆ. ನಾಯಕನ ತಾನು ಶ್ರೀಕರಿಸುವ ಹುಡುಗಿಯ ಪ್ರೀತಿ ಉಳಿಸಿಕೊಳ್ಳಲು ತನ್ನ ನಕ್ಸಲ್ ತಂಡದ
ಸಿನಿಮಾ ನೋಡಬೇಕು. ಚಿತ್ರದ ನಾಯಕ ಪಾತ್ರಧಾರಿ ಕವೀಶ್ ಶೆಟ್ಟಿ ಪಾತ್ರವನ್ನು ಚೆನ್ನಾಗಿ ನಿರ್ವಹಿಸಿದ್ದಾರೆ. ನಾಯಕಿ ಮೇಘಾ ಶೆಟ್ಟಿ ಹಳ್ಳಿ ಹುಡುಗಿಯಾಗಿ ಗಮನ ಸೆಳೆಯುತ್ತಾರೆ. ಶಿವಾನಿ ಸುರ್ವೆ ಪೊಲೀಸ್ ಅಧಿಕಾರಿ ಪಾತ್ರ ನಿರ್ವಹಿಸಿದ್ದಾರೆ. ನಕ್ಸಲ್ ಸಿದ್ಧಾಂತ, ಸಾಮಾಜಿಕ ಅನ್ಯಾಯ, ಪ್ರೀತಿ ಹಾಗೂ ತ್ಯಾಗದ ಅಂಶಗಳನ್ನು ಒಳಗೊಂಡ ಚಿತ್ರ ಕುತೂಹಲಕಾರಿಯಾಗಿ ಮೂಡಿಬಂದಿದೆ.
ಲೊಕೇಶನ್‌ಗಳನ್ನು ಛಾಯಾಗ್ರಾಹಕ ಆರ್.ಡಿ. ನಾಗಾರ್ಜುನ ಸುಂದರವಾಗಿ ಸೆರೆ ಹಿಡಿದಿದ್ದಾರೆ. ಹಿನ್ನೆಲೆ ಸಂಗೀತ ಚಿತ್ರದ ವೇಗಕ್ಕೆ ಪೂರಕವಾಗಿದೆ. ನಾಯಕ ಕವೀಶ್ ಶೆಟ್ಟಿ ಮತ್ತು ನಾಯಕಿ ಮೇಘಾ ಶೆಟ್ಟಿ ತಮಗೆ ಸಿಕ್ಕ ಪಾತ್ರಕ್ಕೆ ನ್ಯಾಯ ಒದಗಿಸಿದ್ದಾರೆ. ಚಿತ್ರ ಮನರಂಜನೆ ಬಯಸುವ ಪ್ರೇಕ್ಷಕರಿಗೆ ಒಂದೊಳ್ಳೆ ಆಯ್ಕೆ. ಉಳಿದಂತೆ ಪೋಷಕ ಪಾತ್ರಗಳು ಚಿತ್ರಕ್ಕೆ ಮೆರುಗು ನೀಡಿವೆ. ಇತ್ತೀಚಿನ ಸಿನಿಮಾಗಳಂತೆ ಈ ಚಿತ್ರದಲ್ಲೂ ರಕ್ತಪಾತದ ದೃಶ್ಯಗಳು ಹೆಚ್ಚಾಗಿವೆ. ಒಂದು ಬಾರಿ ಚಿತ್ರಮಂದಿರದಲ್ಲಿ ಕುಳಿತು ನೋಡಬಹುದಾದ ಚಿತ್ರ ಇದಾಗಿದೆ.
ಹುಡುಗಾಟಿಕೆ ಹುಡುಗರ ಬ್ಯಾಂಕ್ ದರೋಡೆ ಕಥನ
ದಿಯಾ ಚಿತ್ರದ ಮೂಲಕ ಗಮನ ಸೆಳೆದ ಪೃಥ್ವಿ ಅಂಬಾರ್ ಅಭಿನಯದ ಬ್ಯಾಂಕ್ ಆಫ್ ಭಾಗ್ಯಲಕ್ಷ್ಮಿ ಚಿತ್ರ ತೆರೆ ಕಂಡಿದೆ. ತೆಲುಗು ಚಿತ್ರರಂಗಕ್ಕೆ ಹಾರಿದ ದೀಕ್ಷಿತ್ ಶೆಟ್ಟಿ ಈಗ ಕನ್ನಡದಲ್ಲಿ ಬ್ಯಾಂಕ್ ದರೋಡೆ ಕಥೆಯೊಂದಿಗೆ ಮರಳಿದ್ದಾರೆ. ಹಿಂದಿನ ವರ್ಷಗಳಲ್ಲಿ ತಂದೆಯವರು ಮಾಡಿದ ಸಾಲ ತೀರಿಸಲು ಅದರಿಂದ ಪಾರಾಗಲು ನಾಯಕ ಹಾಗೂ ಅವನ ಸ್ನೇಹಿತರು ಬ್ಯಾಂಕ್ ದರೋಡೆ ಮಾಡುವ ಯೋಜನೆ ರೂಪಿಸುತ್ತಾರೆ. ಚಿತ್ರದ ಮೊದಲಾರ್ಧ ಮನರಂಜನೆಯೊಂದಿಗೆ ಸಾಗಿದರೆ, ದ್ವಿತೀಯಾರ್ಧದಲ್ಲಿ ಕಥೆ ಗಂಭೀರ ತಿರುವು ಪಡೆಯುತ್ತದೆ. ನಿರ್ದೇಶಕ ಅಭಿಷೇಕ್ ಮಂಜುನಾಥ್ ಹಾಸ್ಯ ಮತ್ತು ಥ್ರಿಲ್ ಅಂಶಗಳನ್ನು ಸಮರ್ಪಕವಾಗಿ ಬೆರೆಸಿದ್ದಾರೆ. ವಿಧಿನಾಟಕಾರ ಹಾಸ್ಯ ಅಭಿನಯ ವಿಶೇಷ ಗಮನ ಸೆಳೆಯುತ್ತದೆ. ಚಿತ್ರದ ನಾಯಕ ಕಳ್ಳ (ದೀಕ್ಷಿತ್ ಶೆಟ್ಟಿ) ಮತ್ತು
ಅವನ ತಂಡ ಭಾಗ್ಯಲಕ್ಷ್ಮಿ ಎಂಬ ಬ್ಯಾಂಕ್ ದರೋಡೆಗೆ ನಿರ್ಧರಿಸುತ್ತಾರೆ. ಇದಕ್ಕಾಗಿ ಅವರು ಬ್ಯಾಂಕ್ ಪ್ರವೇಶಿಸಿದಾಗ, ಅವರ ಯೋಜನೆ ಕೈ ಕೊಡುತ್ತದೆ. ಈ ಸಂದರ್ಭದಲ್ಲಿ ಬ್ಯಾಂಕ್ ಒಳಗಿದ್ದ ಜನರನ್ನು ಒತ್ತೆಯಾಳಾಗಿ ಇರಿಸಿಕೊಳ್ಳುತ್ತಾರೆ. ಪೊಲೀಸರು ಬ್ಯಾಂಕ್ ಸುತ್ತುವರಿಯುತ್ತಾರೆ. ಈ ನಡುವೆ ನಡೆಯುವ ಹಾಸ್ಯ ಘಟನೆಗಳು ಪ್ರೇಕ್ಷಕರನ್ನು ನಗಿಸುತ್ತವೆ. ಒಂದು ಕಡೆ ನಾಯಕನ ಕೆಲಸ, ಇನ್ನೊಂದೆಡೆ ಬ್ಯಾಂಕ್ ದರೋಡೆಯ ಹಿಂದಿನ ರಹಸ್ಯ ಬಯಲಾಗುತ್ತದೆ. ಚಿತ್ರದಲ್ಲಿ ಪೊಲೀಸ್ ಅಧಿಕಾರಿ ಪಾತ್ರದಲ್ಲಿ ಗೋಪಾಲಕೃಷ್ಣ ದೇಶಪಾಂಡೆ ಗಮನ ಸೆಳೆಯುತ್ತಾರೆ. ಕೊನೆಯಲ್ಲಿ ಒಂದು ಟ್ವಿಸ್ಟ್ ಕಾದಿದೆ. ನಿರ್ದೇಶಕರು ಹೇಳಬೇಕಾದ್ದನ್ನು ಸ್ಪಷ್ಟವಾಗಿ ಹೇಳಿದ್ದಾರೆ.
ಸನ್ನಿವೇಶದಲ್ಲಿ ಮುದ್ದಾಗಿ ಕಾಣುತ್ತಾರೆ. ಪಾತ್ರಕ್ಕೆ ತಕ್ಕಂತೆ ಅಭಿನಯಿಸಿದ್ದಾರೆ. ಗೋಪಾಲಕೃಷ್ಣ ದೇಶ ಪಾಂಡೆ, ವಿಡಂಬನಾ ತುಂಬಾ ನಗಿಸುತ್ತಾರೆ. ಸಾಧು ಕೋಕಿಲ ಉತ್ತಮ ಹಿನ್ನೆಲೆ ಸಂಗೀತ ನೀಡಿದ್ದಾರೆ. ಪೊಲೀಸ್ ಇನ್ಸ್‌ಪೆಕ್ಟರ್ ಪಾತ್ರದಲ್ಲಿ ಶ್ರುತಿ ಹರಿಹರನ್ ಉತ್ತಮ ಅಭಿನಯ ನೀಡಿದ್ದಾರೆ. ಒಟ್ಟಾರೆ ಹುಡುಗಾಟಿಕೆ ಹಾಸ್ಯ ಮತ್ತು ಅಭಿಷೇಕ್ ಜೊತೆ ಒಂದಷ್ಟು ಸಮಯ ಕಳೆಯಲು ಚಿತ್ರ ನೋಡಬಹುದು.
ಈ ರೀತಿಯ ಚಿತ್ರಗಳನ್ನು ನೋಡಬಹುದು. ಅದರಲ್ಲಿ ಕನ್ನಡದಲ್ಲಿ ಇದು ವಿಭಿನ್ನ ಪ್ರಯತ್ನ. ನಿರ್ಮಾಪಕರ ನಿಷ್ಠೆ ನಿರ್ದೇಶಕರ ಶ್ರಮ ಗೆದ್ದಿದೆ.
ಚಿತ್ರ: ಬ್ಯಾಂಕ್ ಆಫ್ ಭಾಗ್ಯಲಕ್ಷ್ಮಿ
ನಿರ್ದೇಶನ: ಅಭಿಷೇಕ್ ಮಂಜುನಾಥ್
ತಾರಾಗಣ: ದೀಕ್ಷಿತ್ ಶೆಟ್ಟಿ, ಗೋಪಾಲಕೃಷ್ಣ ದೇಶಪಾಂಡೆ, ಬೃಂದಾ ಆಚಾರ್ಯ, ವಿಜ್ಞಾನ್ ಮಂಡಲಿಕ
ರೇಟಿಂಗ್: ★★★
